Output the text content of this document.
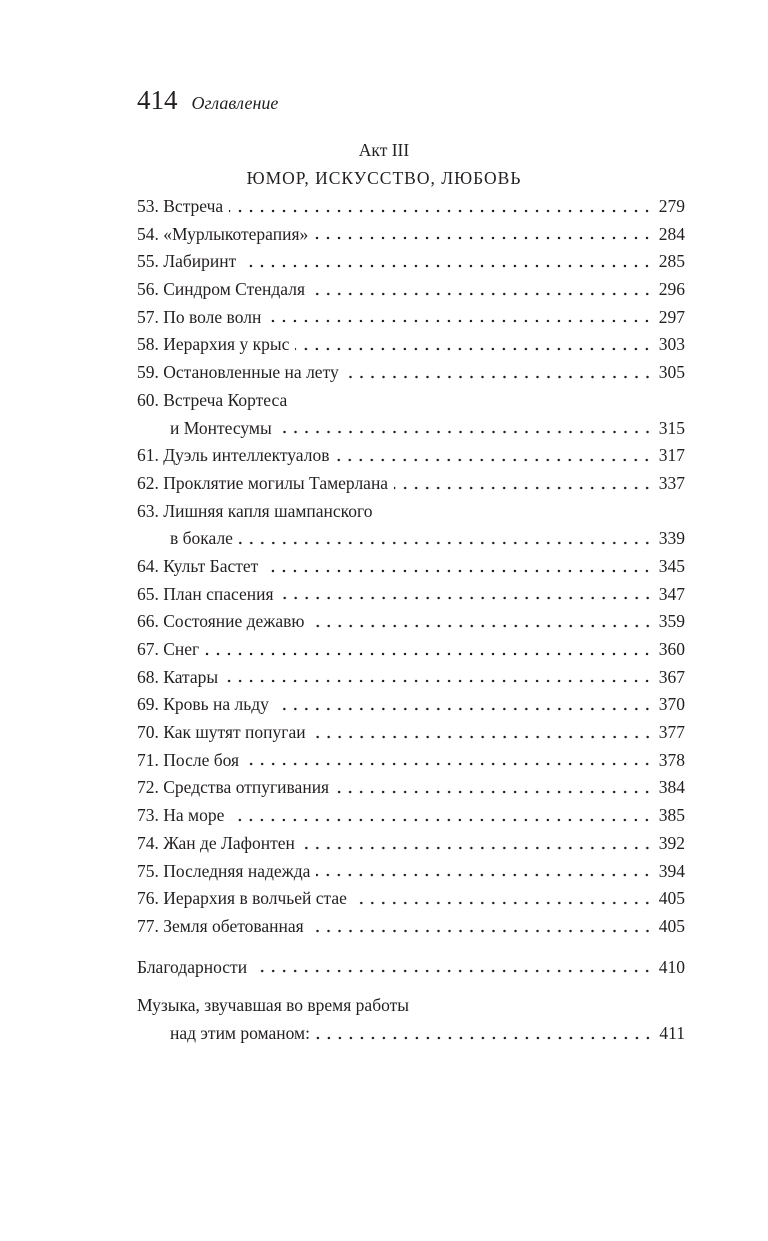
414 Оглавление
Акт III
ЮМОР, ИСКУССТВО, ЛЮБОВЬ
53. Встреча	279
54. «Мурлыкотерапия»	284
55. Лабиринт	285
56. Синдром Стендаля	296
57. По воле волн	297
58. Иерархия у крыс	303
59. Остановленные на лету	305
60. Встреча Кортеса
и Монтесумы	315
61. Дуэль интеллектуалов	317
62. Проклятие могилы Тамерлана	337
63. Лишняя капля шампанского
в бокале	339
64. Культ Бастет	345
65. План спасения	347
66. Состояние дежавю	359
67. Снег	360
68. Катары	367
69. Кровь на льду	370
70. Как шутят попугаи	377
71. После боя	378
72. Средства отпугивания	384
73. На море	385
74. Жан де Лафонтен	392
75. Последняя надежда	394
76. Иерархия в волчьей стае	405
77. Земля обетованная	405
Благодарности	410
Музыка, звучавшая во время работы
над этим романом:	411
